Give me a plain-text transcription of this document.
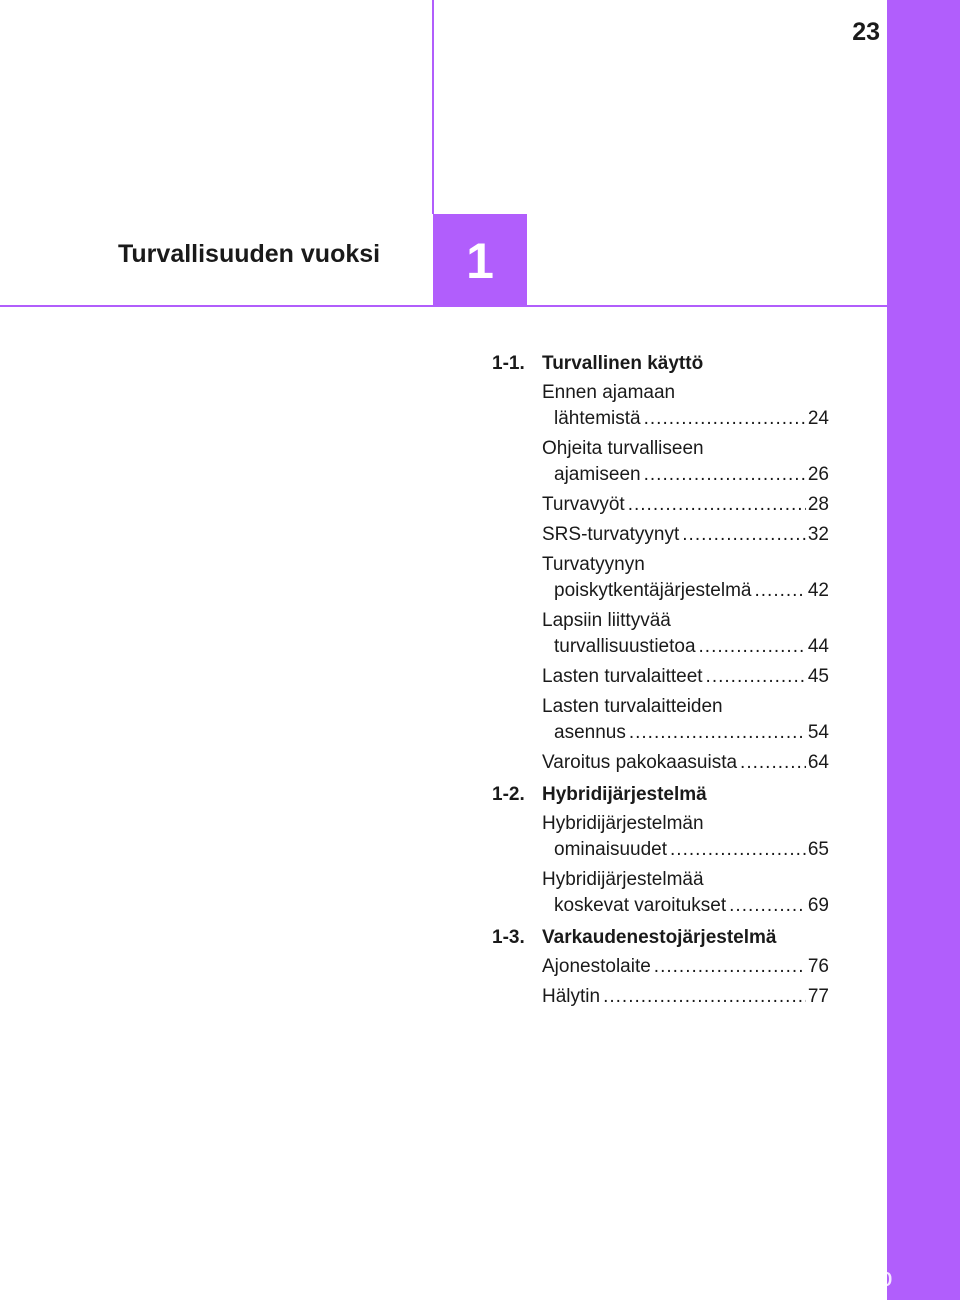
23
Turvallisuuden vuoksi	1
1-1. Turvallinen käyttö
Ennen ajamaan
lähtemistä .....	24
Ohjeita turvalliseen
ajamiseen .....	26
Turvavyöt .....	28
SRS-turvatyynyt .....	32
Turvatyynyn
poiskytkentäjärjestelmä .....	42
Lapsiin liittyvää
turvallisuustietoa .....	44
Lasten turvalaitteet .....	45
Lasten turvalaitteiden
asennus .....	54
Varoitus pakokaasuista .....	64
1-2. Hybridijärjestelmä
Hybridijärjestelmän
ominaisuudet .....	65
Hybridijärjestelmää
koskevat varoitukset .....	69
1-3. Varkaudenestojärjestelmä
Ajonestolaite .....	76
Hälytin .....	77
carmanualsonline.info
